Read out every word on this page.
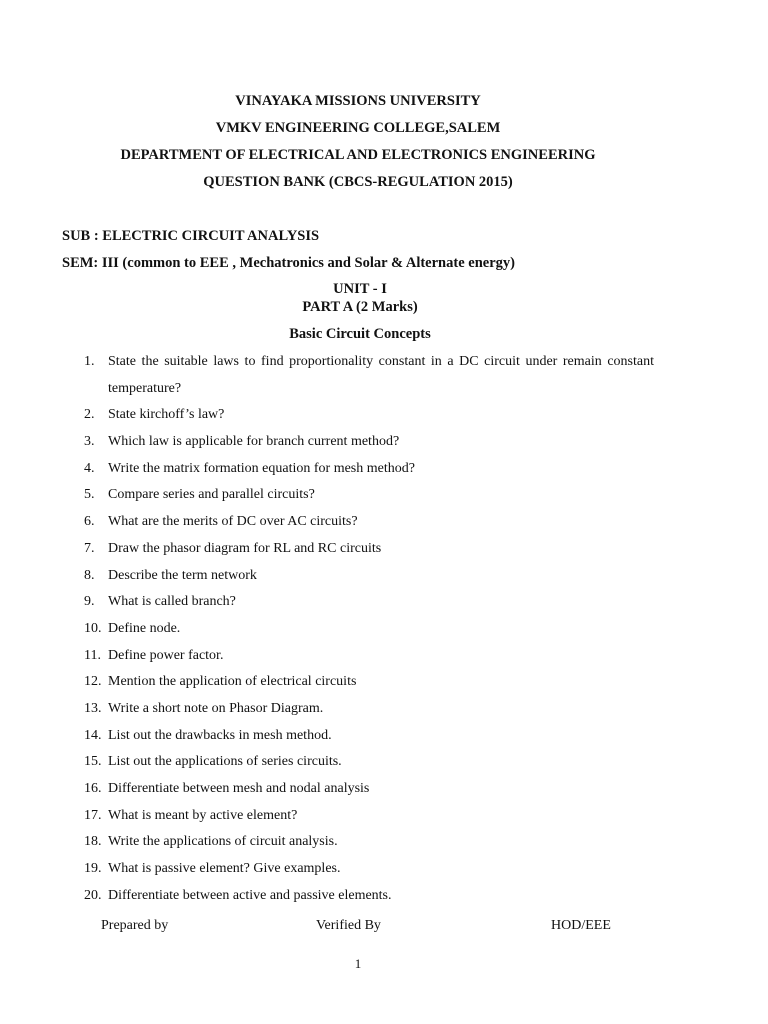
VINAYAKA MISSIONS UNIVERSITY
VMKV ENGINEERING COLLEGE,SALEM
DEPARTMENT OF ELECTRICAL AND ELECTRONICS ENGINEERING
QUESTION BANK (CBCS-REGULATION 2015)
SUB : ELECTRIC CIRCUIT ANALYSIS
SEM: III (common to EEE , Mechatronics and Solar & Alternate energy)
UNIT - I
PART A (2 Marks)
Basic Circuit Concepts
1. State the suitable laws to find proportionality constant in a DC circuit under remain constant temperature?
2. State kirchoff’s law?
3. Which law is applicable for branch current method?
4. Write the matrix formation equation for mesh method?
5. Compare series and parallel circuits?
6. What are the merits of DC over AC circuits?
7. Draw the phasor diagram for RL and RC circuits
8. Describe the term network
9. What is called branch?
10. Define node.
11. Define power factor.
12. Mention the application of electrical circuits
13. Write a short note on Phasor Diagram.
14. List out the drawbacks in mesh method.
15. List out the applications of series circuits.
16. Differentiate between mesh and nodal analysis
17. What is meant by active element?
18. Write the applications of circuit analysis.
19. What is passive element? Give examples.
20. Differentiate between active and passive elements.
Prepared by	Verified By	HOD/EEE
1
